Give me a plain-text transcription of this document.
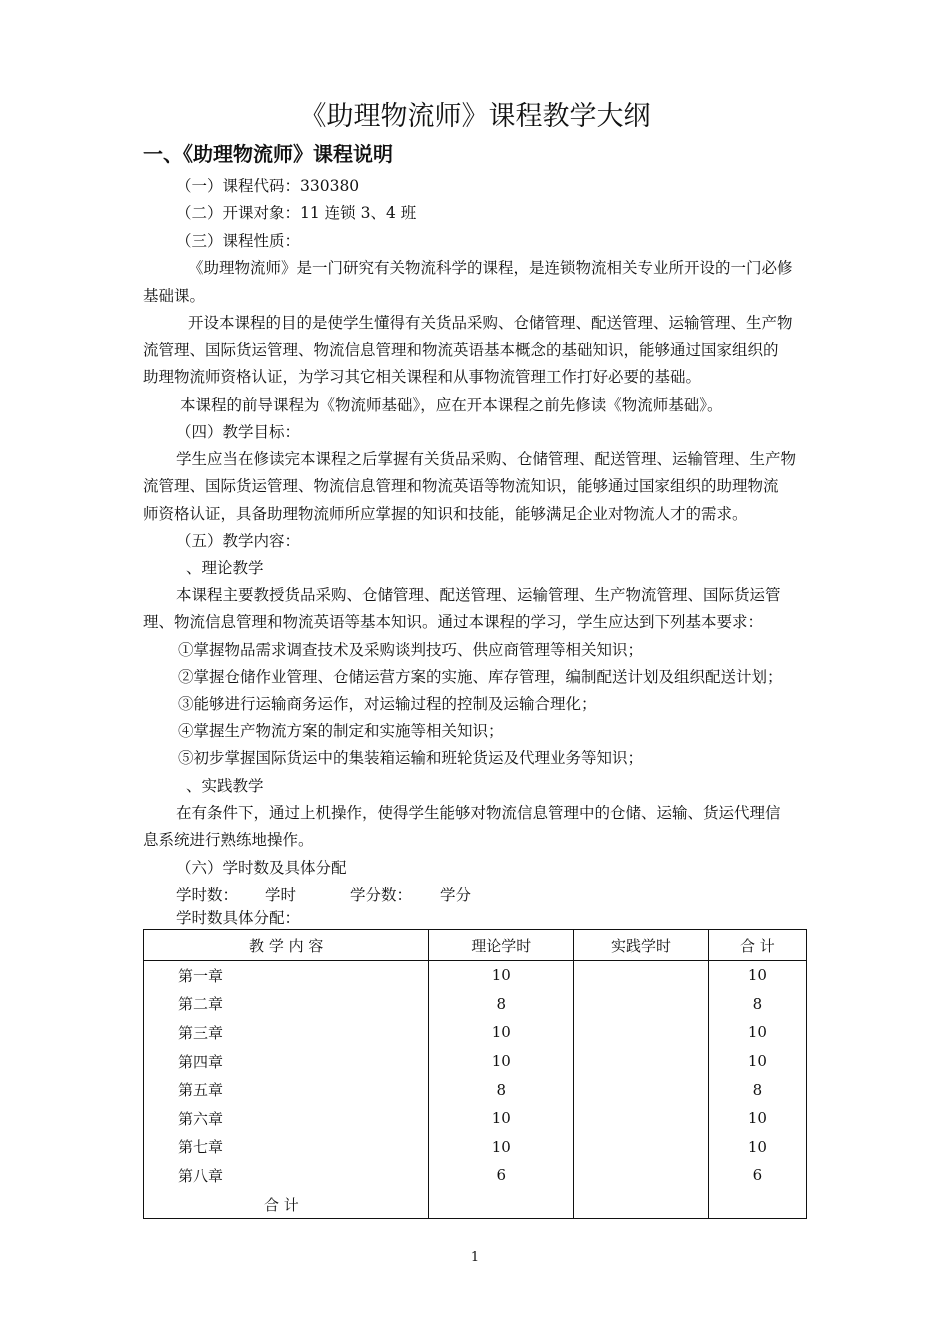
《助理物流师》课程教学大纲
一、《助理物流师》课程说明
（一）课程代码：330380
（二）开课对象：11 连锁 3、4 班
（三）课程性质：
《助理物流师》是一门研究有关物流科学的课程，是连锁物流相关专业所开设的一门必修
基础课。
开设本课程的目的是使学生懂得有关货品采购、仓储管理、配送管理、运输管理、生产物
流管理、国际货运管理、物流信息管理和物流英语基本概念的基础知识，能够通过国家组织的
助理物流师资格认证，为学习其它相关课程和从事物流管理工作打好必要的基础。
本课程的前导课程为《物流师基础》，应在开本课程之前先修读《物流师基础》。
（四）教学目标：
学生应当在修读完本课程之后掌握有关货品采购、仓储管理、配送管理、运输管理、生产物
流管理、国际货运管理、物流信息管理和物流英语等物流知识，能够通过国家组织的助理物流
师资格认证，具备助理物流师所应掌握的知识和技能，能够满足企业对物流人才的需求。
（五）教学内容：
、理论教学
本课程主要教授货品采购、仓储管理、配送管理、运输管理、生产物流管理、国际货运管
理、物流信息管理和物流英语等基本知识。通过本课程的学习，学生应达到下列基本要求：
①掌握物品需求调查技术及采购谈判技巧、供应商管理等相关知识；
②掌握仓储作业管理、仓储运营方案的实施、库存管理，编制配送计划及组织配送计划；
③能够进行运输商务运作，对运输过程的控制及运输合理化；
④掌握生产物流方案的制定和实施等相关知识；
⑤初步掌握国际货运中的集装箱运输和班轮货运及代理业务等知识；
、实践教学
在有条件下，通过上机操作，使得学生能够对物流信息管理中的仓储、运输、货运代理信
息系统进行熟练地操作。
（六）学时数及具体分配
学时数： 学时	学分数： 学分
学时数具体分配：
教 学 内 容	理论学时	实践学时	合 计
第一章	10		10
第二章	8		8
第三章	10		10
第四章	10		10
第五章	8		8
第六章	10		10
第七章	10		10
第八章	6		6
合 计			
1
